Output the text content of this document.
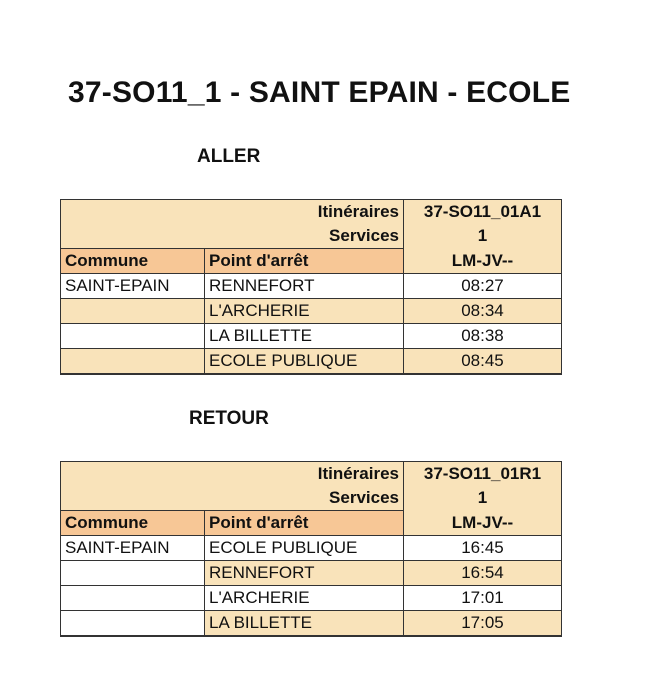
37-SO11_1 - SAINT EPAIN - ECOLE
ALLER
Itinéraires		37-SO11_01A1
Services		1
Commune	Point d'arrêt	LM-JV--
SAINT-EPAIN	RENNEFORT	08:27
	L'ARCHERIE	08:34
	LA BILLETTE	08:38
	ECOLE PUBLIQUE	08:45
RETOUR
Itinéraires		37-SO11_01R1
Services		1
Commune	Point d'arrêt	LM-JV--
SAINT-EPAIN	ECOLE PUBLIQUE	16:45
	RENNEFORT	16:54
	L'ARCHERIE	17:01
	LA BILLETTE	17:05
